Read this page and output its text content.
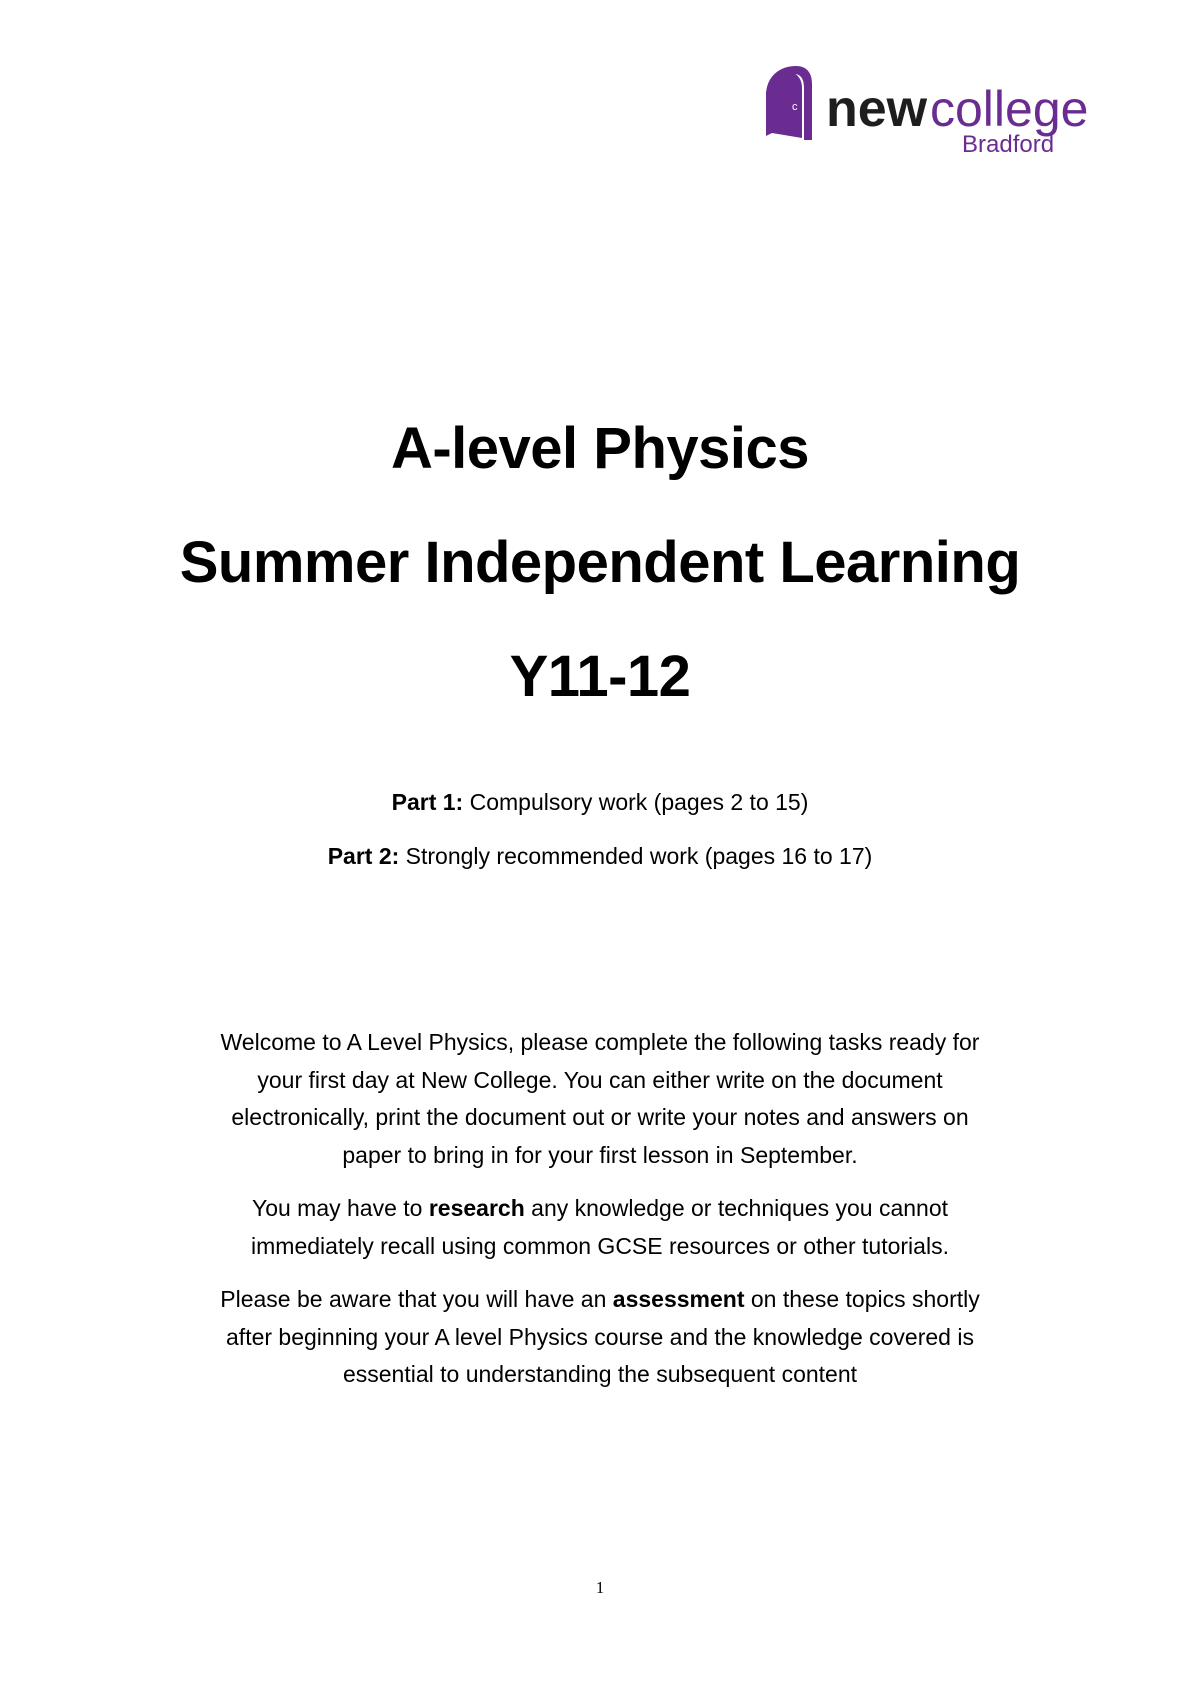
c new college
Bradford

A-level Physics

Summer Independent Learning

Y11-12

Part 1: Compulsory work (pages 2 to 15)

Part 2: Strongly recommended work (pages 16 to 17)

Welcome to A Level Physics, please complete the following tasks ready for your first day at New College. You can either write on the document electronically, print the document out or write your notes and answers on paper to bring in for your first lesson in September.

You may have to research any knowledge or techniques you cannot immediately recall using common GCSE resources or other tutorials.

Please be aware that you will have an assessment on these topics shortly after beginning your A level Physics course and the knowledge covered is essential to understanding the subsequent content

1
